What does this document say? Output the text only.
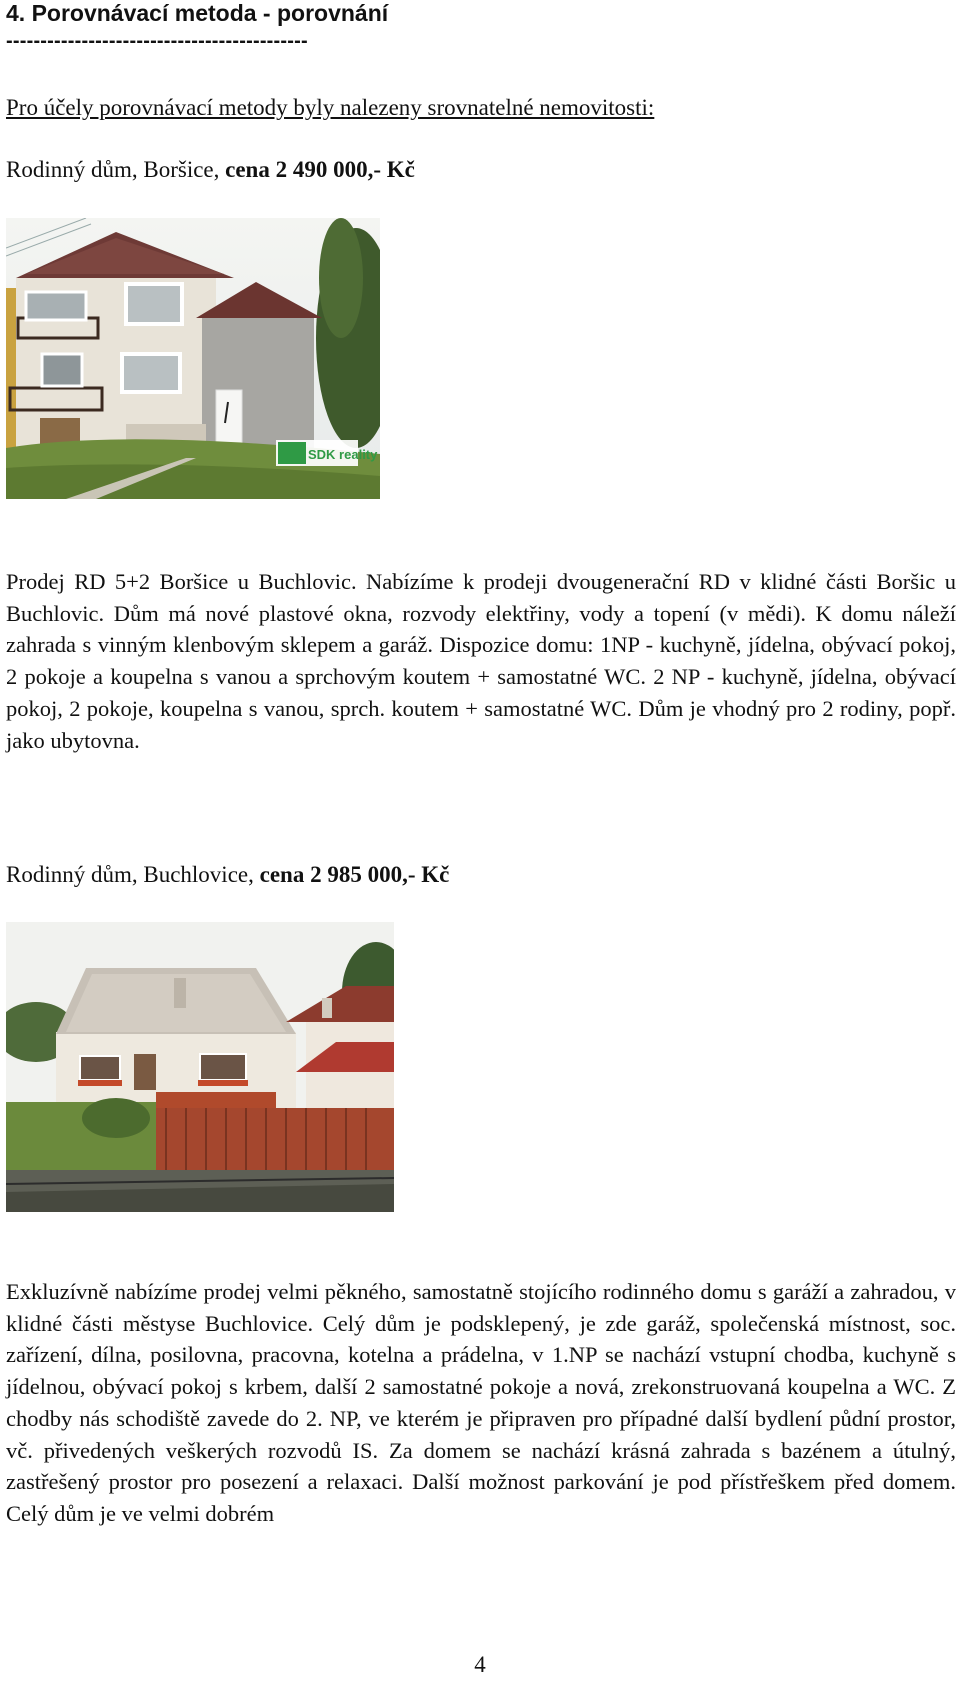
4. Porovnávací metoda - porovnání
--------------------------------------------
Pro účely porovnávací metody byly nalezeny srovnatelné nemovitosti:
Rodinný dům, Boršice, cena 2 490 000,- Kč
SDK reality

Prodej RD 5+2 Boršice u Buchlovic. Nabízíme k prodeji dvougenerační RD v klidné části Boršic u Buchlovic. Dům má nové plastové okna, rozvody elektřiny, vody a topení (v mědi). K domu náleží zahrada s vinným klenbovým sklepem a garáž. Dispozice domu: 1NP - kuchyně, jídelna, obývací pokoj, 2 pokoje a koupelna s vanou a sprchovým koutem + samostatné WC. 2 NP - kuchyně, jídelna, obývací pokoj, 2 pokoje, koupelna s vanou, sprch. koutem + samostatné WC. Dům je vhodný pro 2 rodiny, popř. jako ubytovna.

Rodinný dům, Buchlovice, cena 2 985 000,- Kč

Exkluzívně nabízíme prodej velmi pěkného, samostatně stojícího rodinného domu s garáží a zahradou, v klidné části městyse Buchlovice. Celý dům je podsklepený, je zde garáž, společenská místnost, soc. zařízení, dílna, posilovna, pracovna, kotelna a prádelna, v 1.NP se nachází vstupní chodba, kuchyně s jídelnou, obývací pokoj s krbem, další 2 samostatné pokoje a nová, zrekonstruovaná koupelna a WC. Z chodby nás schodiště zavede do 2. NP, ve kterém je připraven pro případné další bydlení půdní prostor, vč. přivedených veškerých rozvodů IS. Za domem se nachází krásná zahrada s bazénem a útulný, zastřešený prostor pro posezení a relaxaci. Další možnost parkování je pod přístřeškem před domem. Celý dům je ve velmi dobrém

4
